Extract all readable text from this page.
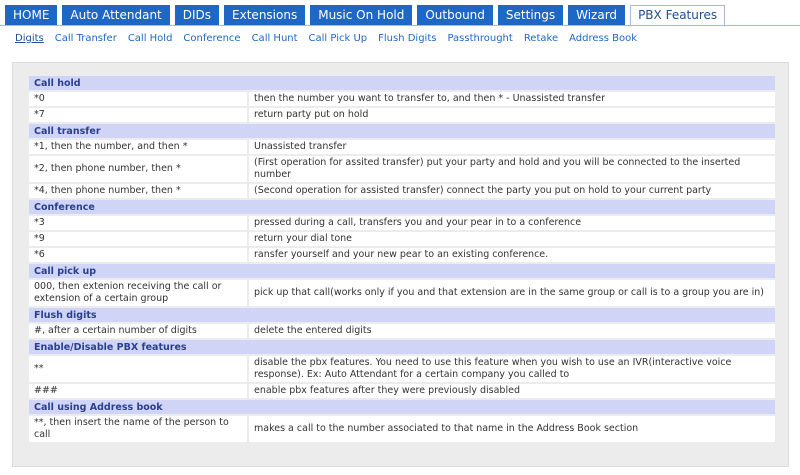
HOME	Auto Attendant	DIDs	Extensions	Music On Hold	Outbound	Settings	Wizard	PBX Features
Digits Call Transfer Call Hold Conference Call Hunt Call Pick Up Flush Digits Passthrought Retake Address Book
Call hold	
*0	then the number you want to transfer to, and then * - Unassisted transfer
*7	return party put on hold
Call transfer	
*1, then the number, and then *	Unassisted transfer
*2, then phone number, then *	(First operation for assited transfer) put your party and hold and you will be connected to the inserted number
*4, then phone number, then *	(Second operation for assisted transfer) connect the party you put on hold to your current party
Conference	
*3	pressed during a call, transfers you and your pear in to a conference
*9	return your dial tone
*6	ransfer yourself and your new pear to an existing conference.
Call pick up	
000, then extenion receiving the call or extension of a certain group	pick up that call(works only if you and that extension are in the same group or call is to a group you are in)
Flush digits	
#, after a certain number of digits	delete the entered digits
Enable/Disable PBX features	
**	disable the pbx features. You need to use this feature when you wish to use an IVR(interactive voice response). Ex: Auto Attendant for a certain company you called to
###	enable pbx features after they were previously disabled
Call using Address book	
**, then insert the name of the person to call	makes a call to the number associated to that name in the Address Book section
